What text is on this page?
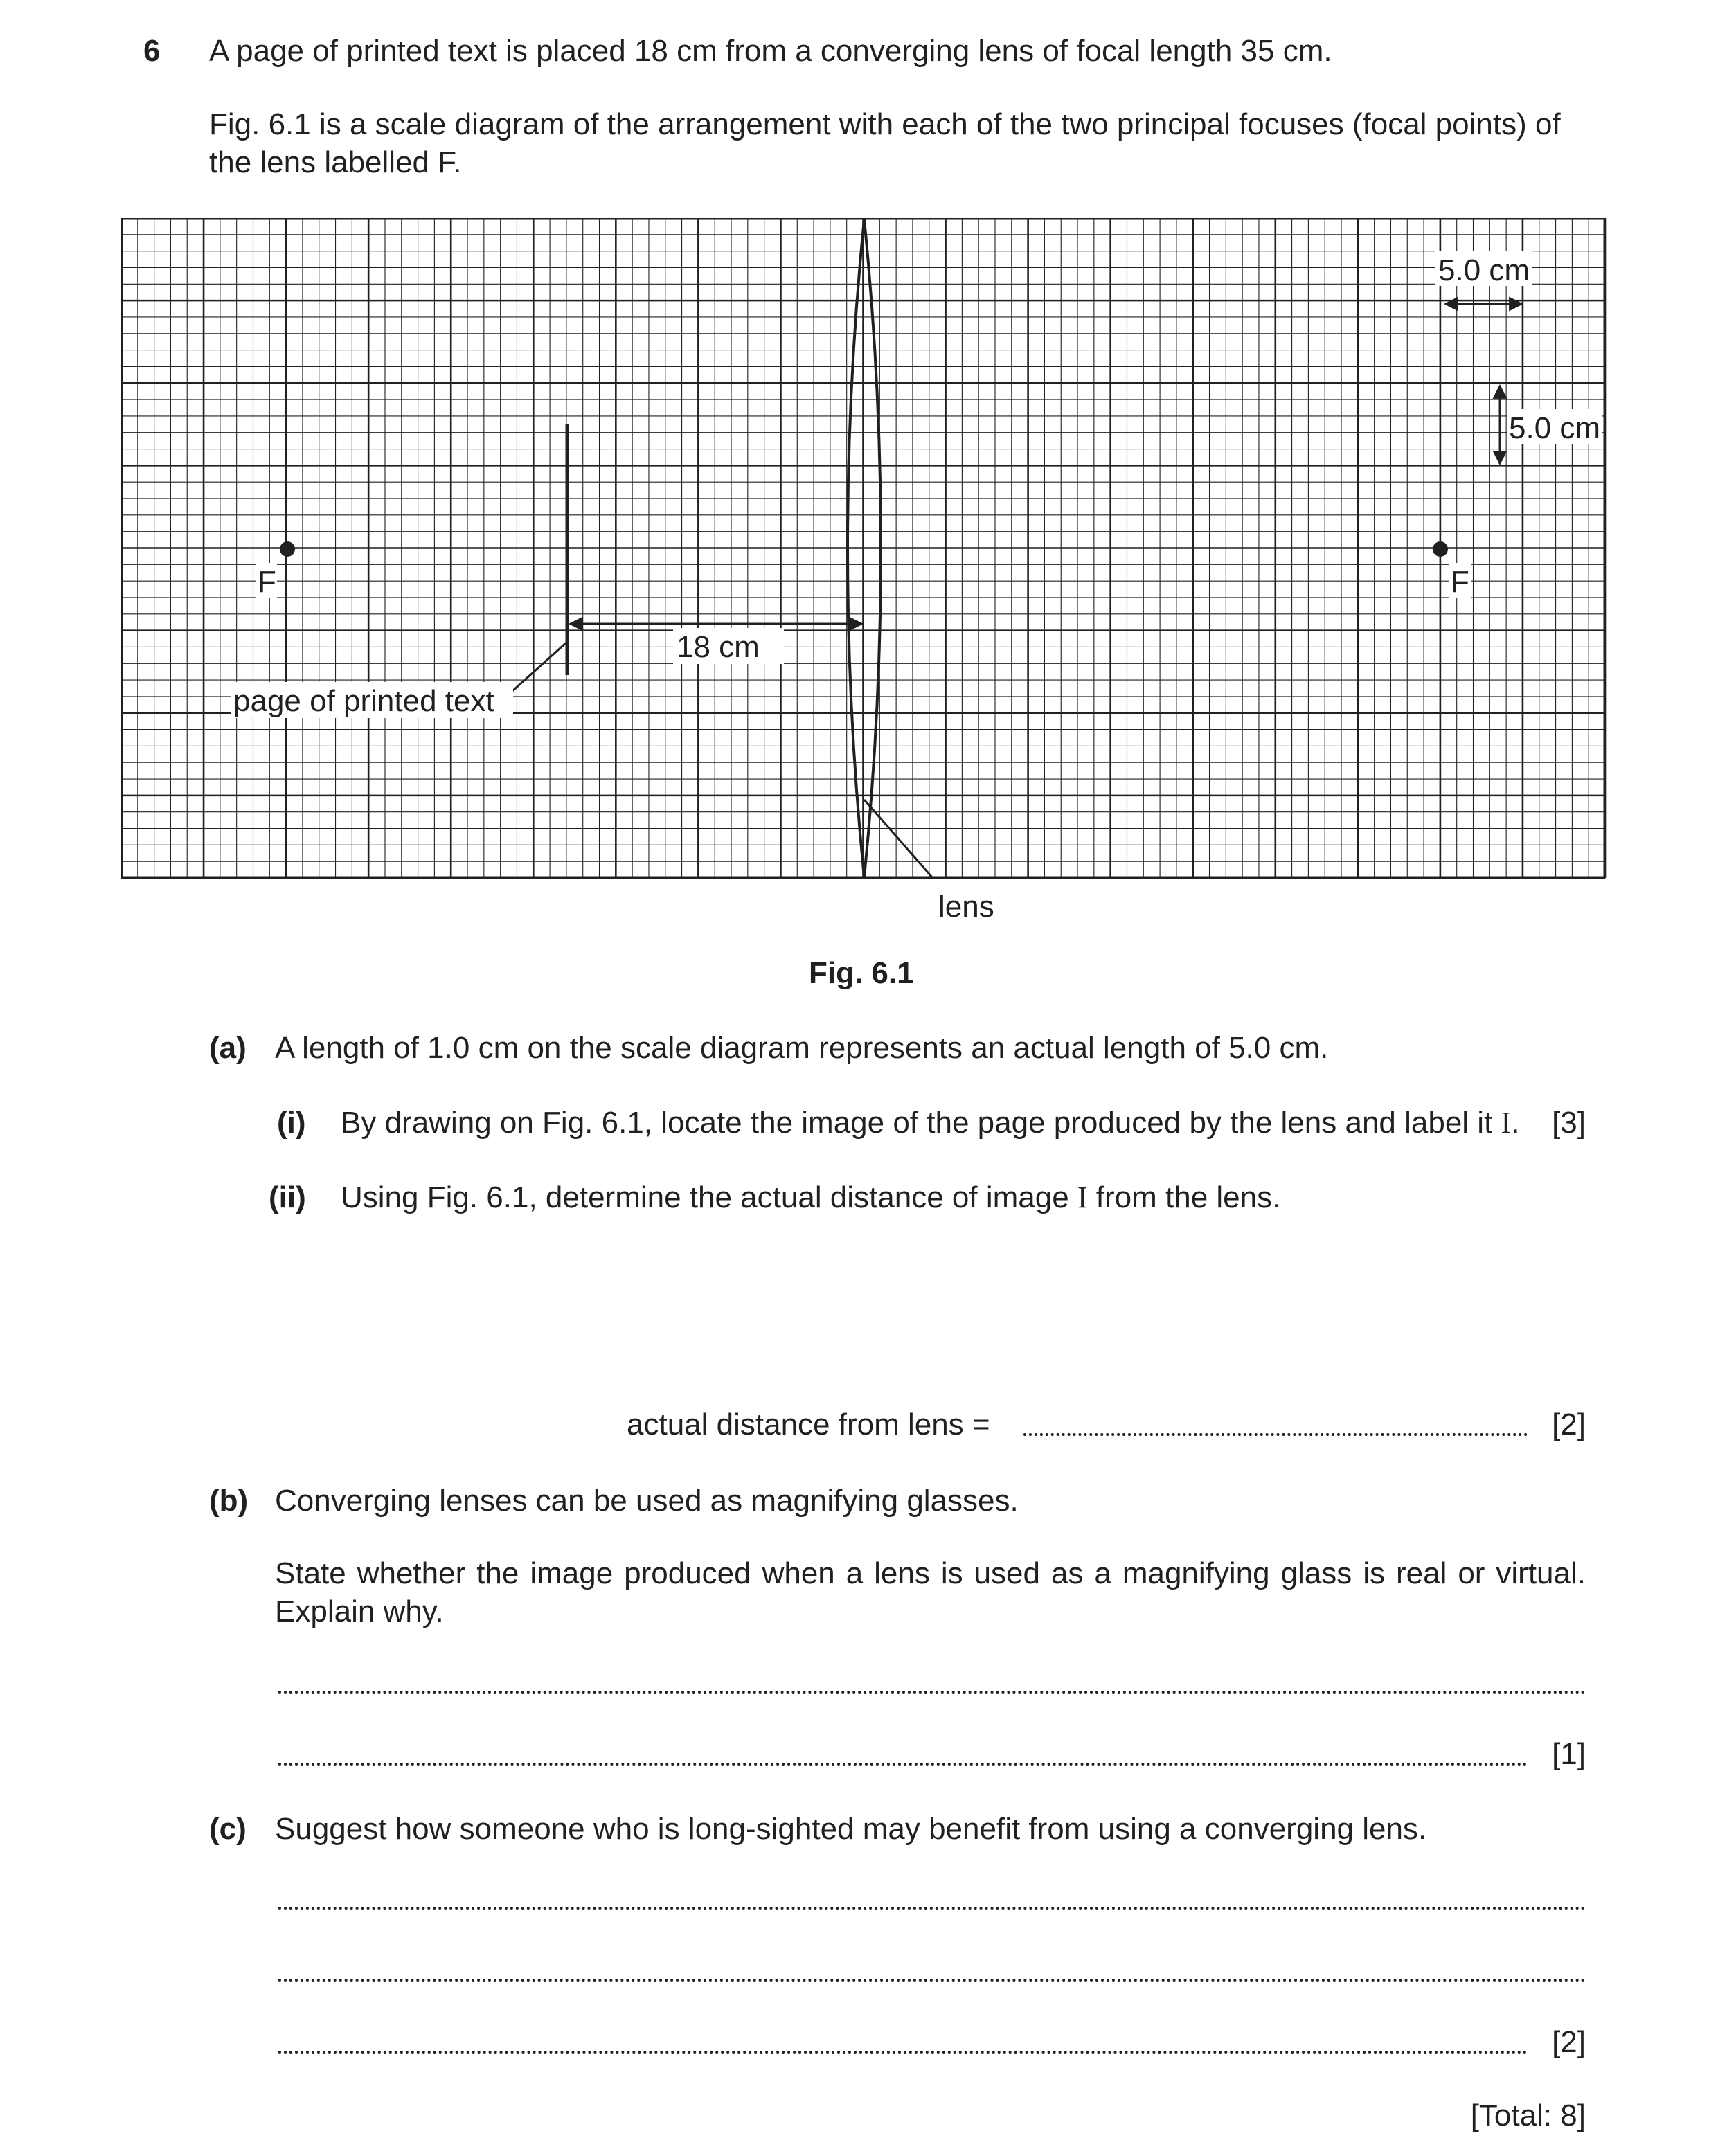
6 A page of printed text is placed 18 cm from a converging lens of focal length 35 cm.
Fig. 6.1 is a scale diagram of the arrangement with each of the two principal focuses (focal points) of the lens labelled F.
F	F
18 cm
page of printed text
5.0 cm
5.0 cm
lens
Fig. 6.1
(a) A length of 1.0 cm on the scale diagram represents an actual length of 5.0 cm.
(i) By drawing on Fig. 6.1, locate the image of the page produced by the lens and label it I. [3]
(ii) Using Fig. 6.1, determine the actual distance of image I from the lens.
actual distance from lens =	[2]
(b) Converging lenses can be used as magnifying glasses.
State whether the image produced when a lens is used as a magnifying glass is real or virtual. Explain why.
[1]
(c) Suggest how someone who is long-sighted may benefit from using a converging lens.
[2]
[Total: 8]
